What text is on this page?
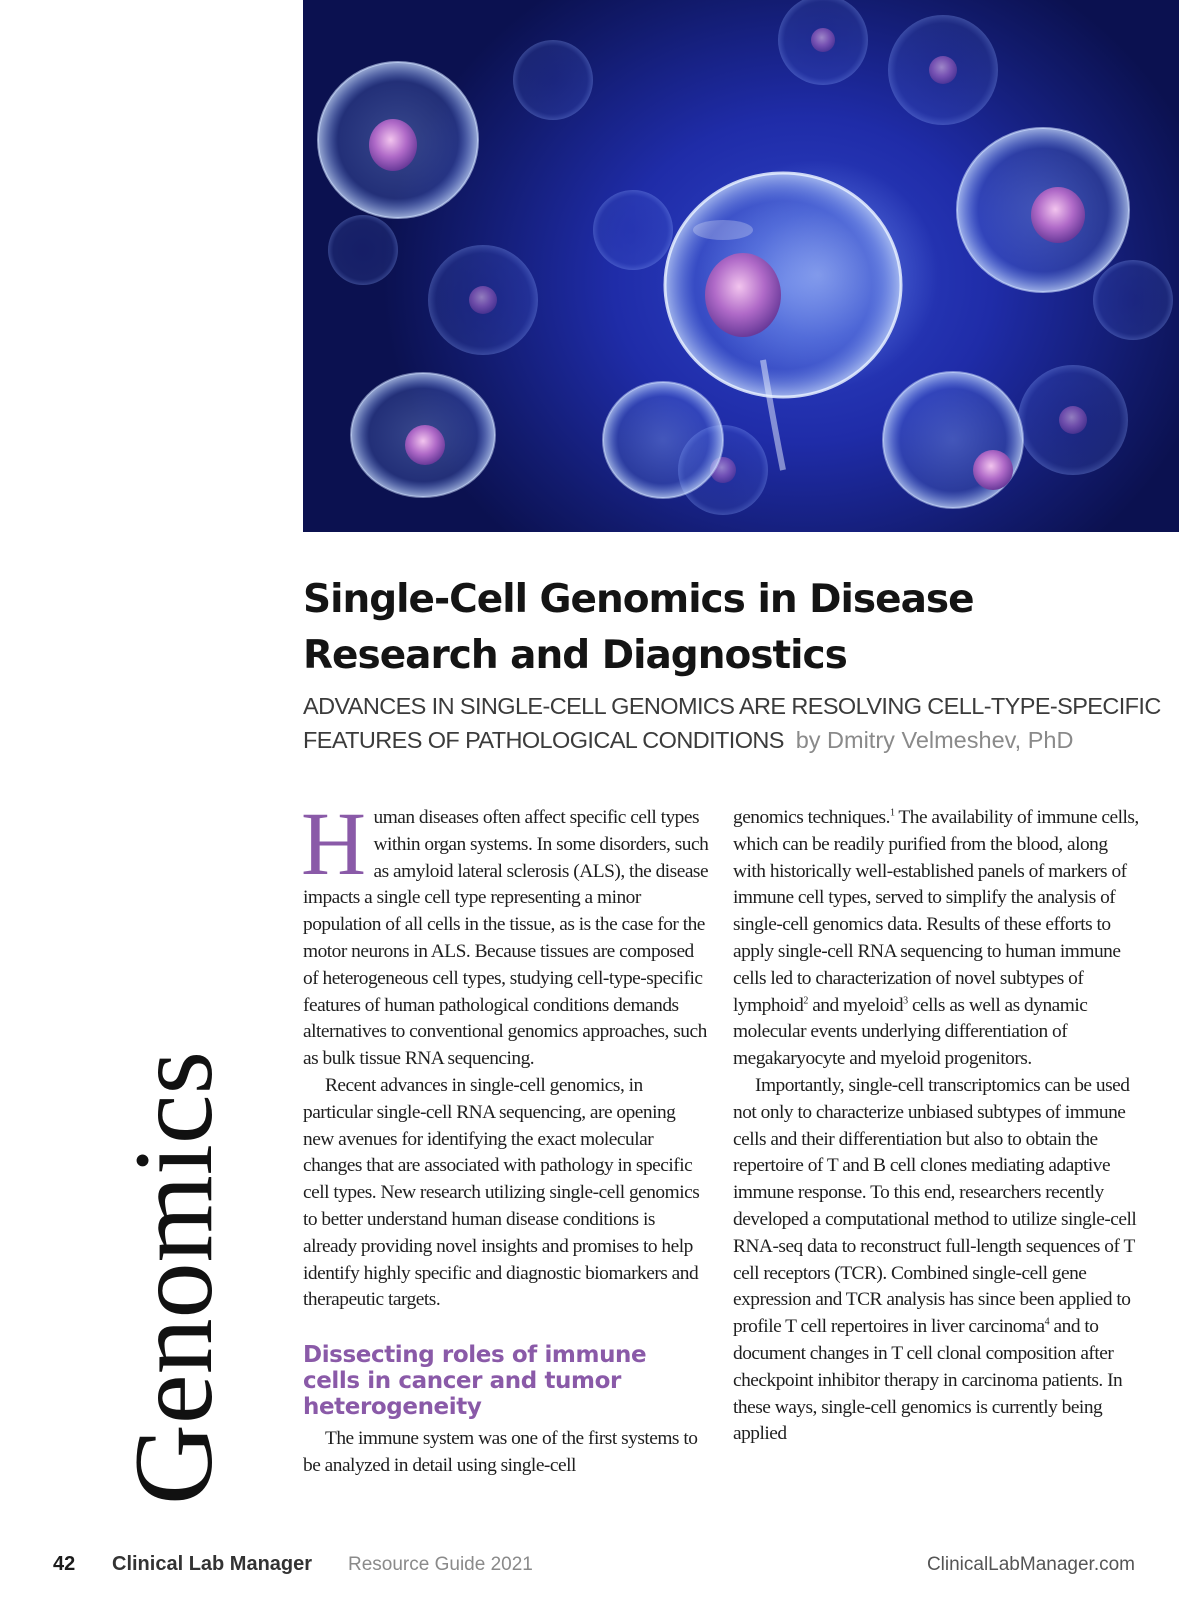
Single-Cell Genomics in Disease Research and Diagnostics
ADVANCES IN SINGLE-CELL GENOMICS ARE RESOLVING CELL-TYPE-SPECIFIC FEATURES OF PATHOLOGICAL CONDITIONS by Dmitry Velmeshev, PhD

Human diseases often affect specific cell types within organ systems. In some disorders, such as amyloid lateral sclerosis (ALS), the disease impacts a single cell type representing a minor population of all cells in the tissue, as is the case for the motor neurons in ALS. Because tissues are composed of heterogeneous cell types, studying cell-type-specific features of human pathological conditions demands alternatives to conventional genomics approaches, such as bulk tissue RNA sequencing.

Recent advances in single-cell genomics, in particular single-cell RNA sequencing, are opening new avenues for identifying the exact molecular changes that are associated with pathology in specific cell types. New research utilizing single-cell genomics to better understand human disease conditions is already providing novel insights and promises to help identify highly specific and diagnostic biomarkers and therapeutic targets.

Dissecting roles of immune cells in cancer and tumor heterogeneity

The immune system was one of the first systems to be analyzed in detail using single-cell

genomics techniques.$^1$ The availability of immune cells, which can be readily purified from the blood, along with historically well-established panels of markers of immune cell types, served to simplify the analysis of single-cell genomics data. Results of these efforts to apply single-cell RNA sequencing to human immune cells led to characterization of novel subtypes of lymphoid$^2$ and myeloid$^3$ cells as well as dynamic molecular events underlying differentiation of megakaryocyte and myeloid progenitors.

Importantly, single-cell transcriptomics can be used not only to characterize unbiased subtypes of immune cells and their differentiation but also to obtain the repertoire of T and B cell clones mediating adaptive immune response. To this end, researchers recently developed a computational method to utilize single-cell RNA-seq data to reconstruct full-length sequences of T cell receptors (TCR). Combined single-cell gene expression and TCR analysis has since been applied to profile T cell repertoires in liver carcinoma$^4$ and to document changes in T cell clonal composition after checkpoint inhibitor therapy in carcinoma patients. In these ways, single-cell genomics is currently being applied

Genomics
42 Clinical Lab Manager Resource Guide 2021	ClinicalLabManager.com
